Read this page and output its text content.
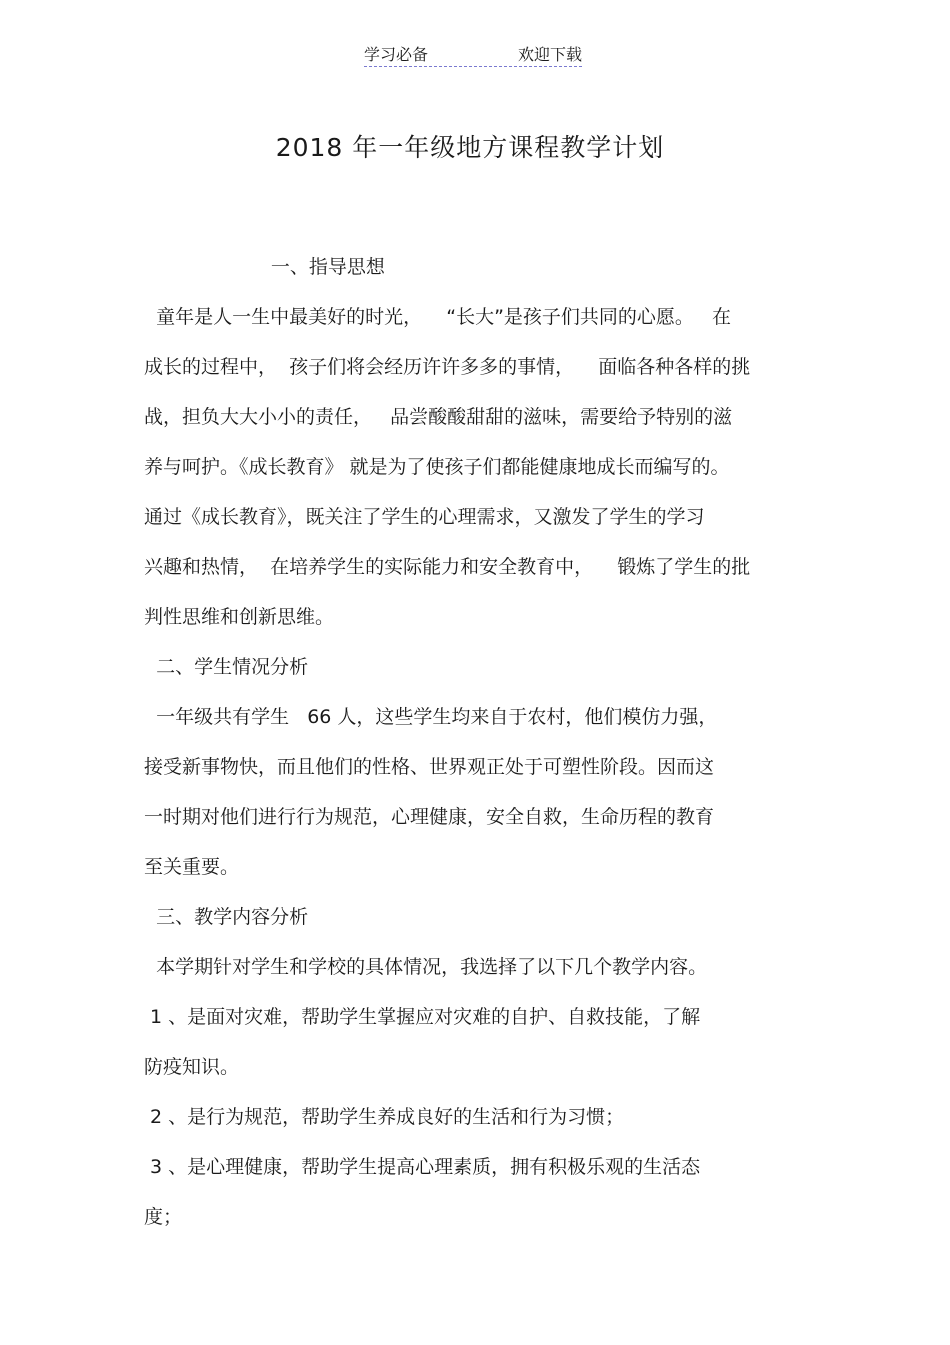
学习必备	欢迎下载
2018 年一年级地方课程教学计划
一、指导思想
童年是人一生中最美好的时光，    “长大”是孩子们共同的心愿。   在
成长的过程中，  孩子们将会经历许许多多的事情，    面临各种各样的挑
战，担负大大小小的责任，   品尝酸酸甜甜的滋味，需要给予特别的滋
养与呵护。《成长教育》 就是为了使孩子们都能健康地成长而编写的。
通过《成长教育》，既关注了学生的心理需求，又激发了学生的学习
兴趣和热情，  在培养学生的实际能力和安全教育中，    锻炼了学生的批
判性思维和创新思维。
二、学生情况分析
一年级共有学生   66 人，这些学生均来自于农村，他们模仿力强，
接受新事物快，而且他们的性格、世界观正处于可塑性阶段。因而这
一时期对他们进行行为规范，心理健康，安全自救，生命历程的教育
至关重要。
三、教学内容分析
本学期针对学生和学校的具体情况，我选择了以下几个教学内容。
1 、是面对灾难，帮助学生掌握应对灾难的自护、自救技能，了解
防疫知识。
2 、是行为规范，帮助学生养成良好的生活和行为习惯；
3 、是心理健康，帮助学生提高心理素质，拥有积极乐观的生活态
度；
